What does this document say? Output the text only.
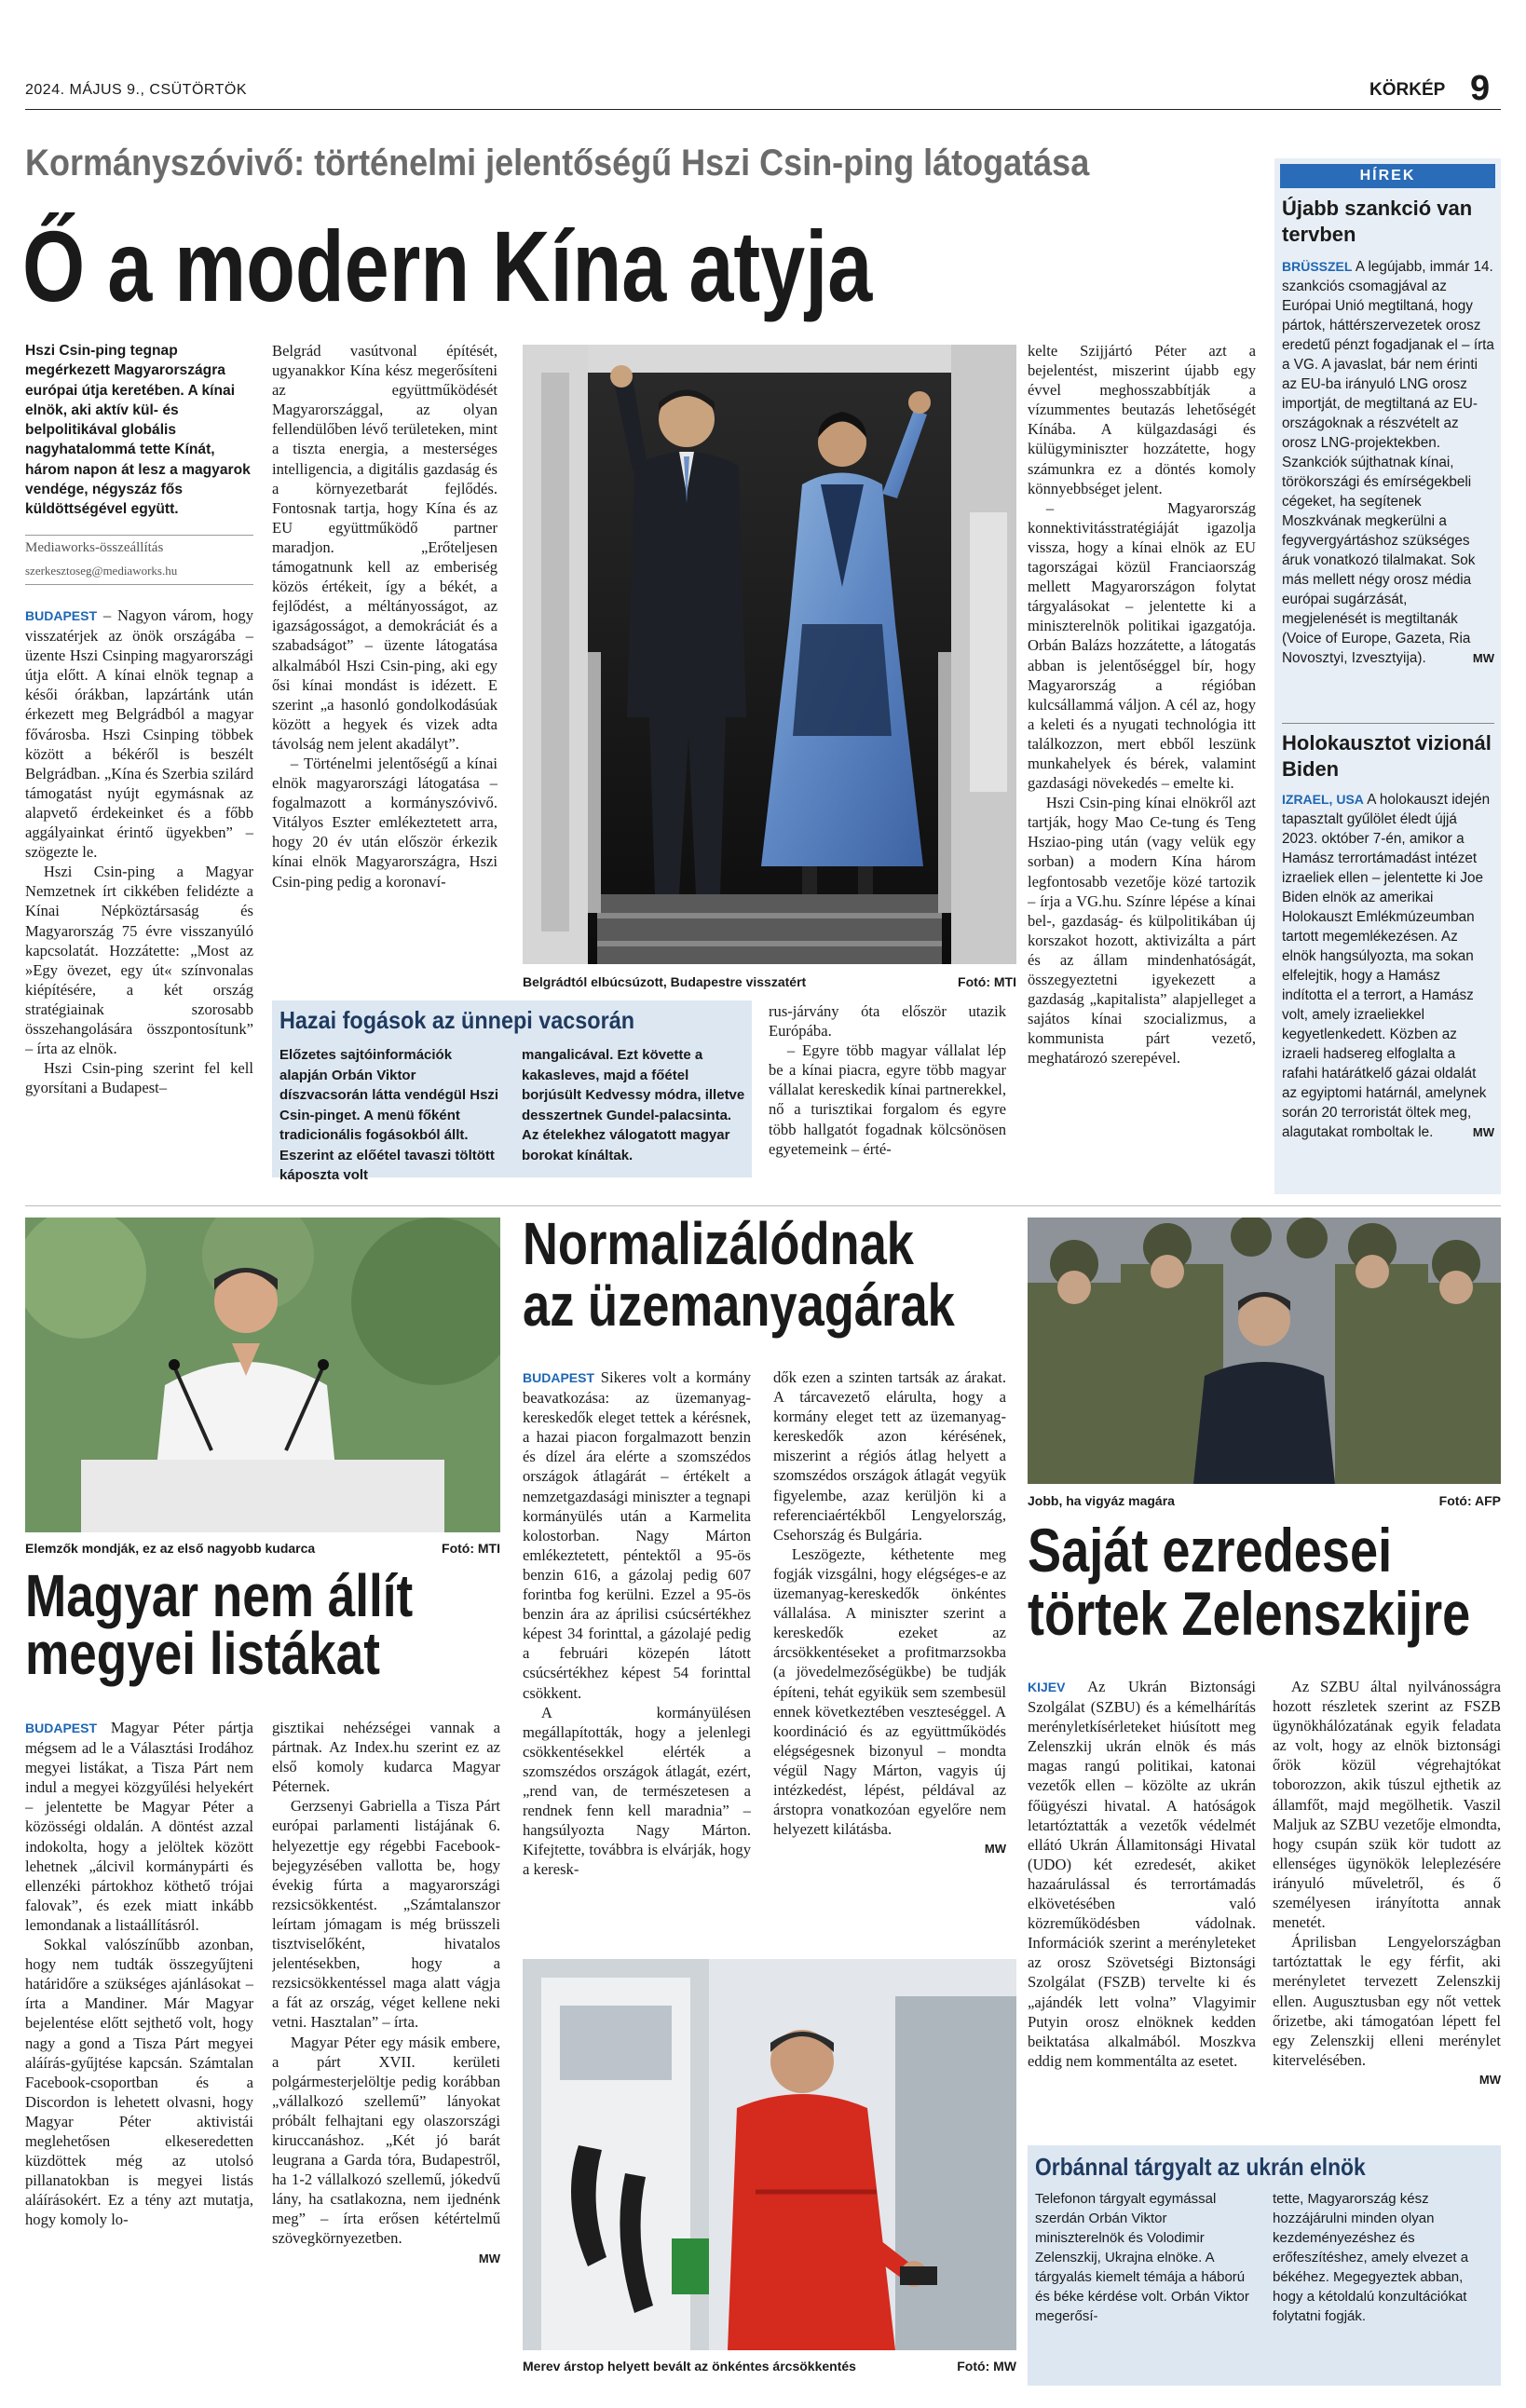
2024. MÁJUS 9., CSÜTÖRTÖK	KÖRKÉP 9
Kormányszóvivő: történelmi jelentőségű Hszi Csin-ping látogatása
Ő a modern Kína atyja
Hszi Csin-ping tegnap megérkezett Magyarországra európai útja keretében. A kínai elnök, aki aktív kül- és belpolitikával globális nagyhatalommá tette Kínát, három napon át lesz a magyarok vendége, négyszáz fős küldöttségével együtt.
Mediaworks-összeállítás
szerkesztoseg@mediaworks.hu

BUDAPEST – Nagyon várom, hogy visszatérjek az önök országába – üzente Hszi Csinping magyarországi útja előtt. A kínai elnök tegnap a késői órákban, lapzártánk után érkezett meg Belgrádból a magyar fővárosba. Hszi Csinping többek között a békéről is beszélt Belgrádban. „Kína és Szerbia szilárd támogatást nyújt egymásnak az alapvető érdekeinket és a főbb aggályainkat érintő ügyekben” – szögezte le.

Hszi Csin-ping a Magyar Nemzetnek írt cikkében felidézte a Kínai Népköztársaság és Magyarország 75 évre visszanyúló kapcsolatát. Hozzátette: „Most az »Egy övezet, egy út« színvonalas kiépítésére, a két ország stratégiainak szorosabb összehangolására összpontosítunk” – írta az elnök.

Hszi Csin-ping szerint fel kell gyorsítani a Budapest–

Belgrád vasútvonal építését, ugyanakkor Kína kész megerősíteni az együttműködését Magyarországgal, az olyan fellendülőben lévő területeken, mint a tiszta energia, a mesterséges intelligencia, a digitális gazdaság és a környezetbarát fejlődés. Fontosnak tartja, hogy Kína és az EU együttműködő partner maradjon. „Erőteljesen támogatnunk kell az emberiség közös értékeit, így a békét, a fejlődést, a méltányosságot, az igazságosságot, a demokráciát és a szabadságot” – üzente látogatása alkalmából Hszi Csin-ping, aki egy ősi kínai mondást is idézett. E szerint „a hasonló gondolkodásúak között a hegyek és vizek adta távolság nem jelent akadályt”.

– Történelmi jelentőségű a kínai elnök magyarországi látogatása – fogalmazott a kormányszóvivő. Vitályos Eszter emlékeztetett arra, hogy 20 év után először érkezik kínai elnök Magyarországra, Hszi Csin-ping pedig a koronaví-

Belgrádtól elbúcsúzott, Budapestre visszatért	Fotó: MTI
Hazai fogások az ünnepi vacsorán
Előzetes sajtóinformációk alapján Orbán Viktor díszvacsorán látta vendégül Hszi Csin-pinget. A menü főként tradicionális fogásokból állt. Eszerint az előétel tavaszi töltött káposzta volt
mangalicával. Ezt követte a kakasleves, majd a főétel borjúsült Kedvessy módra, illetve desszertnek Gundel-palacsinta. Az ételekhez válogatott magyar borokat kínáltak.

rus-járvány óta először utazik Európába.

– Egyre több magyar vállalat lép be a kínai piacra, egyre több magyar vállalat kereskedik kínai partnerekkel, nő a turisztikai forgalom és egyre több hallgatót fogadnak kölcsönösen egyetemeink – érté-

kelte Szijjártó Péter azt a bejelentést, miszerint újabb egy évvel meghosszabbítják a vízummentes beutazás lehetőségét Kínába. A külgazdasági és külügyminiszter hozzátette, hogy számunkra ez a döntés komoly könnyebbséget jelent.

– Magyarország konnektivitásstratégiáját igazolja vissza, hogy a kínai elnök az EU tagországai közül Franciaország mellett Magyarországon folytat tárgyalásokat – jelentette ki a miniszterelnök politikai igazgatója. Orbán Balázs hozzátette, a látogatás abban is jelentőséggel bír, hogy Magyarország a régióban kulcsállammá váljon. A cél az, hogy a keleti és a nyugati technológia itt találkozzon, mert ebből leszünk munkahelyek és bérek, valamint gazdasági növekedés – emelte ki.

Hszi Csin-ping kínai elnökről azt tartják, hogy Mao Ce-tung és Teng Hsziao-ping után (vagy velük egy sorban) a modern Kína három legfontosabb vezetője közé tartozik – írja a VG.hu. Színre lépése a kínai bel-, gazdaság- és külpolitikában új korszakot hozott, aktivizálta a párt és az állam mindenhatóságát, összegyeztetni igyekezett a gazdaság „kapitalista” alapjelleget a sajátos kínai szocializmus, a kommunista párt vezető, meghatározó szerepével.

HÍREK
Újabb szankció van tervben
BRÜSSZEL A legújabb, immár 14. szankciós csomagjával az Európai Unió megtiltaná, hogy pártok, háttérszervezetek orosz eredetű pénzt fogadjanak el – írta a VG. A javaslat, bár nem érinti az EU-ba irányuló LNG orosz importját, de megtiltaná az EU-országoknak a részvételt az orosz LNG-projektekben. Szankciók sújthatnak kínai, törökországi és emírségekbeli cégeket, ha segítenek Moszkvának megkerülni a fegyvergyártáshoz szükséges áruk vonatkozó tilalmakat. Sok más mellett négy orosz média európai sugárzását, megjelenését is megtiltanák (Voice of Europe, Gazeta, Ria Novosztyi, Izvesztyija).	MW
Holokausztot vizionál Biden
IZRAEL, USA A holokauszt idején tapasztalt gyűlölet éledt újjá 2023. október 7-én, amikor a Hamász terrortámadást intézet izraeliek ellen – jelentette ki Joe Biden elnök az amerikai Holokauszt Emlékmúzeumban tartott megemlékezésen. Az elnök hangsúlyozta, ma sokan elfelejtik, hogy a Hamász indította el a terrort, a Hamász volt, amely izraeliekkel kegyetlenkedett. Közben az izraeli hadsereg elfoglalta a rafahi határátkelő gázai oldalát az egyiptomi határnál, amelynek során 20 terroristát öltek meg, alagutakat romboltak le.	MW
Elemzők mondják, ez az első nagyobb kudarca	Fotó: MTI
Magyar nem állít
megyei listákat

BUDAPEST Magyar Péter pártja mégsem ad le a Választási Irodához megyei listákat, a Tisza Párt nem indul a megyei közgyűlési helyekért – jelentette be Magyar Péter a közösségi oldalán. A döntést azzal indokolta, hogy a jelöltek között lehetnek „álcivil kormánypárti és ellenzéki pártokhoz köthető trójai falovak”, és ezek miatt inkább lemondanak a listaállításról.

Sokkal valószínűbb azonban, hogy nem tudták összegyűjteni határidőre a szükséges ajánlásokat – írta a Mandiner. Már Magyar bejelentése előtt sejthető volt, hogy nagy a gond a Tisza Párt megyei aláírás-gyűjtése kapcsán. Számtalan Facebook-csoportban és a Discordon is lehetett olvasni, hogy Magyar Péter aktivistái meglehetősen elkeseredetten küzdöttek még az utolsó pillanatokban is megyei listás aláírásokért. Ez a tény azt mutatja, hogy komoly lo-

gisztikai nehézségei vannak a pártnak. Az Index.hu szerint ez az első komoly kudarca Magyar Péternek.

Gerzsenyi Gabriella a Tisza Párt európai parlamenti listájának 6. helyezettje egy régebbi Facebook-bejegyzésében vallotta be, hogy évekig fúrta a magyarországi rezsicsökkentést. „Számtalanszor leírtam jómagam is még brüsszeli tisztviselőként, hivatalos jelentésekben, hogy a rezsicsökkentéssel maga alatt vágja a fát az ország, véget kellene neki vetni. Hasztalan” – írta.

Magyar Péter egy másik embere, a párt XVII. kerületi polgármesterjelöltje pedig korábban „vállalkozó szellemű” lányokat próbált felhajtani egy olaszországi kiruccanáshoz. „Két jó barát leugrana a Garda tóra, Budapestről, ha 1-2 vállalkozó szellemű, jókedvű lány, ha csatlakozna, nem ijednénk meg” – írta erősen kétértelmű szövegkörnyezetben.

MW
Normalizálódnak
az üzemanyagárak

BUDAPEST Sikeres volt a kormány beavatkozása: az üzemanyag-kereskedők eleget tettek a kérésnek, a hazai piacon forgalmazott benzin és dízel ára elérte a szomszédos országok átlagárát – értékelt a nemzetgazdasági miniszter a tegnapi kormányülés után a Karmelita kolostorban. Nagy Márton emlékeztetett, péntektől a 95-ös benzin 616, a gázolaj pedig 607 forintba fog kerülni. Ezzel a 95-ös benzin ára az áprilisi csúcsértékhez képest 34 forinttal, a gázolajé pedig a februári közepén látott csúcsértékhez képest 54 forinttal csökkent.

A kormányülésen megállapították, hogy a jelenlegi csökkentésekkel elérték a szomszédos országok átlagát, ezért, „rend van, de természetesen a rendnek fenn kell maradnia” – hangsúlyozta Nagy Márton. Kifejtette, továbbra is elvárják, hogy a keresk-

dők ezen a szinten tartsák az árakat. A tárcavezető elárulta, hogy a kormány eleget tett az üzemanyag-kereskedők azon kérésének, miszerint a régiós átlag helyett a szomszédos országok átlagát vegyük figyelembe, azaz kerüljön ki a referenciaértékből Lengyelország, Csehország és Bulgária.

Leszögezte, kéthetente meg fogják vizsgálni, hogy elégséges-e az üzemanyag-kereskedők önkéntes vállalása. A miniszter szerint a kereskedők ezeket az árcsökkentéseket a profitmarzsokba (a jövedelmezőségükbe) be tudják építeni, tehát egyikük sem szembesül ennek következtében veszteséggel. A koordináció és az együttműködés elégségesnek bizonyul – mondta végül Nagy Márton, vagyis új intézkedést, lépést, példával az árstopra vonatkozóan egyelőre nem helyezett kilátásba.

MW
Merev árstop helyett bevált az önkéntes árcsökkentés	Fotó: MW
Jobb, ha vigyáz magára	Fotó: AFP
Saját ezredesei
törtek Zelenszkijre

KIJEV Az Ukrán Biztonsági Szolgálat (SZBU) és a kémelhárítás merényletkísérleteket hiúsított meg Zelenszkij ukrán elnök és más magas rangú politikai, katonai vezetők ellen – közölte az ukrán főügyészi hivatal. A hatóságok letartóztatták a vezetők védelmét ellátó Ukrán Államitonsági Hivatal (UDO) két ezredesét, akiket hazaárulással és terrortámadás elkövetésében való közreműködésben vádolnak. Információk szerint a merényleteket az orosz Szövetségi Biztonsági Szolgálat (FSZB) tervelte ki és „ajándék lett volna” Vlagyimir Putyin orosz elnöknek kedden beiktatása alkalmából. Moszkva eddig nem kommentálta az esetet.

Az SZBU által nyilvánosságra hozott részletek szerint az FSZB ügynökhálózatának egyik feladata az volt, hogy az elnök biztonsági őrök közül végrehajtókat toborozzon, akik túszul ejthetik az államfőt, majd megölhetik. Vaszil Maljuk az SZBU vezetője elmondta, hogy csupán szük kör tudott az ellenséges ügynökök leleplezésére irányuló műveletről, és ő személyesen irányította annak menetét.

Áprilisban Lengyelországban tartóztattak le egy férfit, aki merényletet tervezett Zelenszkij ellen. Augusztusban egy nőt vettek őrizetbe, aki támogatóan lépett fel egy Zelenszkij elleni merénylet kitervelésében.

MW
Orbánnal tárgyalt az ukrán elnök
Telefonon tárgyalt egymással szerdán Orbán Viktor miniszterelnök és Volodimir Zelenszkij, Ukrajna elnöke. A tárgyalás kiemelt témája a háború és béke kérdése volt. Orbán Viktor megerősí-
tette, Magyarország kész hozzájárulni minden olyan kezdeményezéshez és erőfeszítéshez, amely elvezet a békéhez. Megegyeztek abban, hogy a kétoldalú konzultációkat folytatni fogják.
